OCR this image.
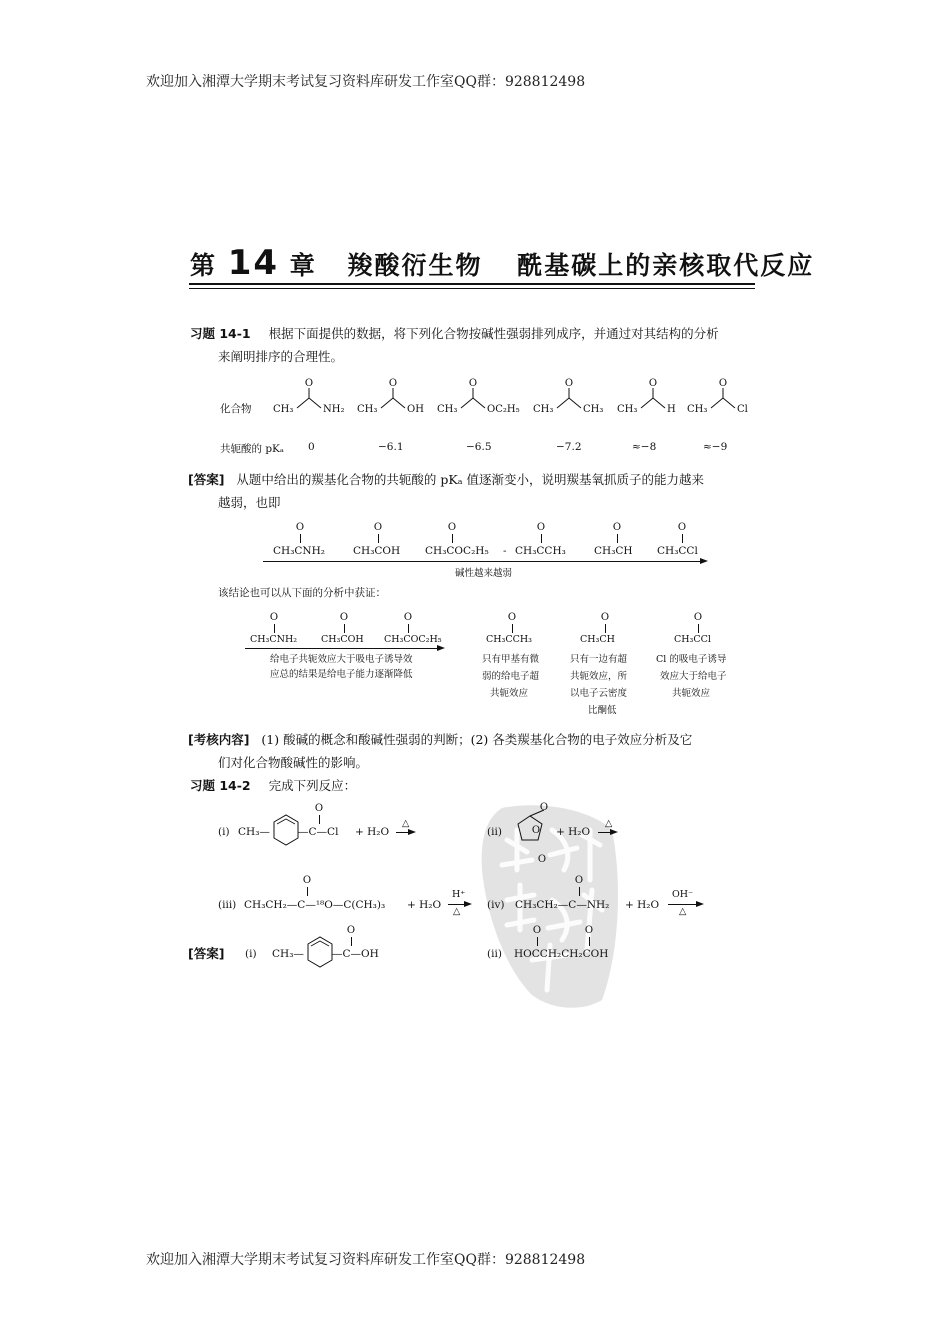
欢迎加入湘潭大学期末考试复习资料库研发工作室QQ群：928812498
第 14 章 羧酸衍生物 酰基碳上的亲核取代反应
习题 14-1 根据下面提供的数据，将下列化合物按碱性强弱排列成序，并通过对其结构的分析
来阐明排序的合理性。
化合物
O	O	O	O	O	O
CH₃	NH₂ CH₃	OH CH₃	OC₂H₅ CH₃	CH₃ CH₃	H CH₃	Cl
共轭酸的 pKₐ 0	−6.1	−6.5	−7.2	≈−8	≈−9
[答案] 从题中给出的羰基化合物的共轭酸的 pKₐ 值逐渐变小，说明羰基氧抓质子的能力越来
越弱，也即
O
CH₃CNH₂
O
CH₃COH
O
CH₃COC₂H₅ -
O
CH₃CCH₃
O
CH₃CH
O
CH₃CCl
碱性越来越弱
该结论也可以从下面的分析中获证：
O
CH₃CNH₂
O
CH₃COH
O
CH₃COC₂H₅
给电子共轭效应大于吸电子诱导效
应总的结果是给电子能力逐渐降低
O
CH₃CCH₃
只有甲基有微
弱的给电子超
共轭效应
O
CH₃CH
只有一边有超
共轭效应，所
以电子云密度
比酮低
O
CH₃CCl
Cl 的吸电子诱导
效应大于给电子
共轭效应
[考核内容] (1) 酸碱的概念和酸碱性强弱的判断；(2) 各类羰基化合物的电子效应分析及它
们对化合物酸碱性的影响。
习题 14-2 完成下列反应：
(i) CH₃—
O
—C—Cl + H₂O
△
(ii)
O
O
O
+ H₂O
△
(iii)
O
CH₃CH₂—C—¹⁸O—C(CH₃)₃ + H₂O
H⁺
△
(iv)
O
CH₃CH₂—C—NH₂ + H₂O
OH⁻
△
[答案] (i) CH₃—
O
—C—OH	(ii)
O	O
HOCCH₂CH₂COH
欢迎加入湘潭大学期末考试复习资料库研发工作室QQ群：928812498
